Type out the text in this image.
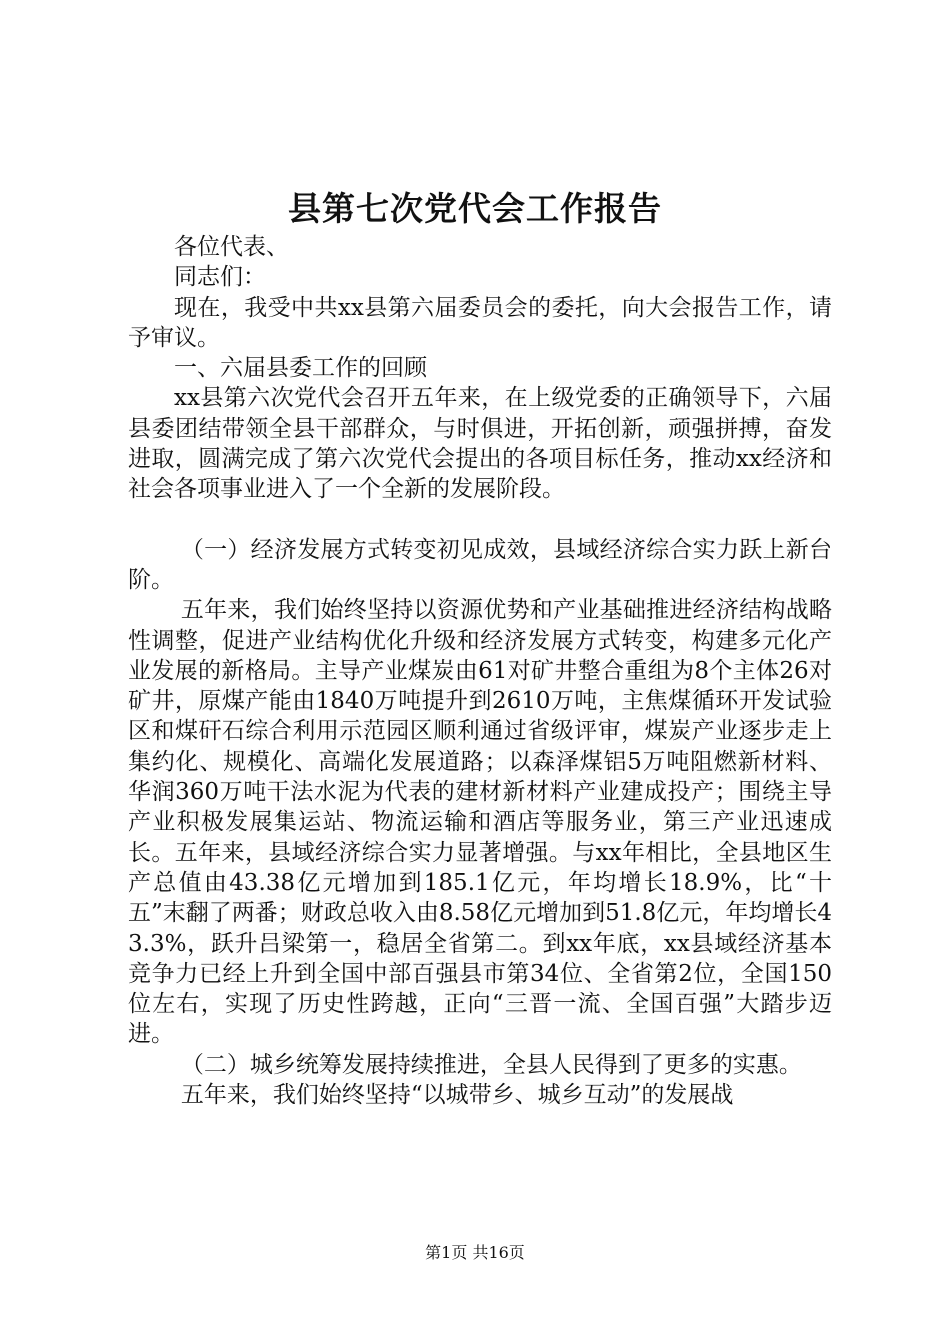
县第七次党代会工作报告

各位代表、

同志们：

现在，我受中共xx县第六届委员会的委托，向大会报告工作，请予审议。

一、六届县委工作的回顾

xx县第六次党代会召开五年来，在上级党委的正确领导下，六届县委团结带领全县干部群众，与时俱进，开拓创新，顽强拼搏，奋发进取，圆满完成了第六次党代会提出的各项目标任务，推动xx经济和社会各项事业进入了一个全新的发展阶段。

（一）经济发展方式转变初见成效，县域经济综合实力跃上新台阶。

五年来，我们始终坚持以资源优势和产业基础推进经济结构战略性调整，促进产业结构优化升级和经济发展方式转变，构建多元化产业发展的新格局。主导产业煤炭由61对矿井整合重组为8个主体26对矿井，原煤产能由1840万吨提升到2610万吨，主焦煤循环开发试验区和煤矸石综合利用示范园区顺利通过省级评审，煤炭产业逐步走上集约化、规模化、高端化发展道路；以森泽煤铝5万吨阻燃新材料、华润360万吨干法水泥为代表的建材新材料产业建成投产；围绕主导产业积极发展集运站、物流运输和酒店等服务业，第三产业迅速成长。五年来，县域经济综合实力显著增强。与xx年相比，全县地区生产总值由43.38亿元增加到185.1亿元，年均增长18.9%，比“十五”末翻了两番；财政总收入由8.58亿元增加到51.8亿元，年均增长43.3%，跃升吕梁第一，稳居全省第二。到xx年底，xx县域经济基本竞争力已经上升到全国中部百强县市第34位、全省第2位，全国150位左右，实现了历史性跨越，正向“三晋一流、全国百强”大踏步迈进。

（二）城乡统筹发展持续推进，全县人民得到了更多的实惠。

五年来，我们始终坚持“以城带乡、城乡互动”的发展战

第1页 共16页
